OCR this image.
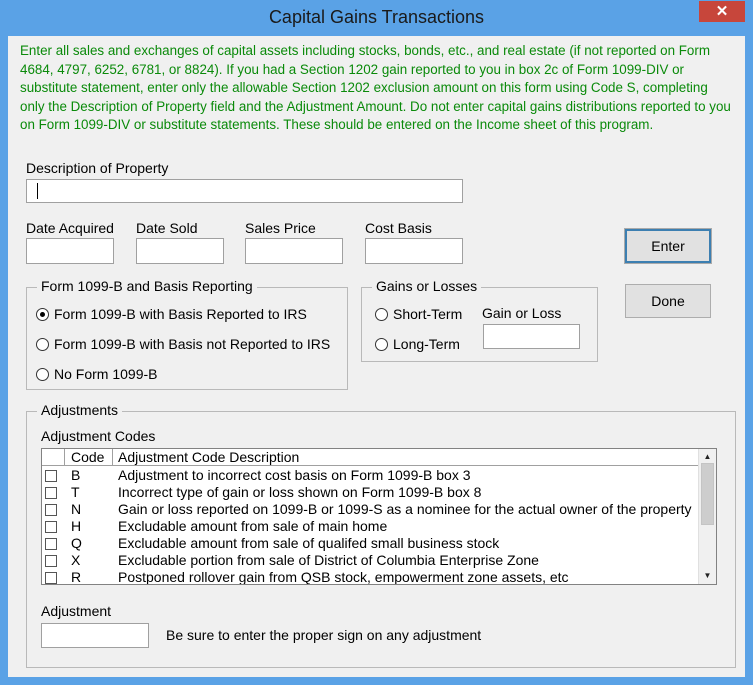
Capital Gains Transactions	✕
Enter all sales and exchanges of capital assets including stocks, bonds, etc., and real estate (if not reported on Form 4684, 4797, 6252, 6781, or 8824). If you had a Section 1202 gain reported to you in box 2c of Form 1099-DIV or substitute statement, enter only the allowable Section 1202 exclusion amount on this form using Code S, completing only the Description of Property field and the Adjustment Amount. Do not enter capital gains distributions reported to you on Form 1099-DIV or substitute statements. These should be entered on the Income sheet of this program.
Description of Property
Date Acquired Date Sold	Sales Price	Cost Basis
Enter
Done
Form 1099-B and Basis Reporting
Form 1099-B with Basis Reported to IRS
Form 1099-B with Basis not Reported to IRS
No Form 1099-B
Gains or Losses
Short-Term
Long-Term
Gain or Loss
Adjustments
Adjustment Codes
Code Adjustment Code Description
B	Adjustment to incorrect cost basis on Form 1099-B box 3
T	Incorrect type of gain or loss shown on Form 1099-B box 8
N	Gain or loss reported on 1099-B or 1099-S as a nominee for the actual owner of the property
H	Excludable amount from sale of main home
Q	Excludable amount from sale of qualifed small business stock
X	Excludable portion from sale of District of Columbia Enterprise Zone
R	Postponed rollover gain from QSB stock, empowerment zone assets, etc
▲
▼
Adjustment
Be sure to enter the proper sign on any adjustment
